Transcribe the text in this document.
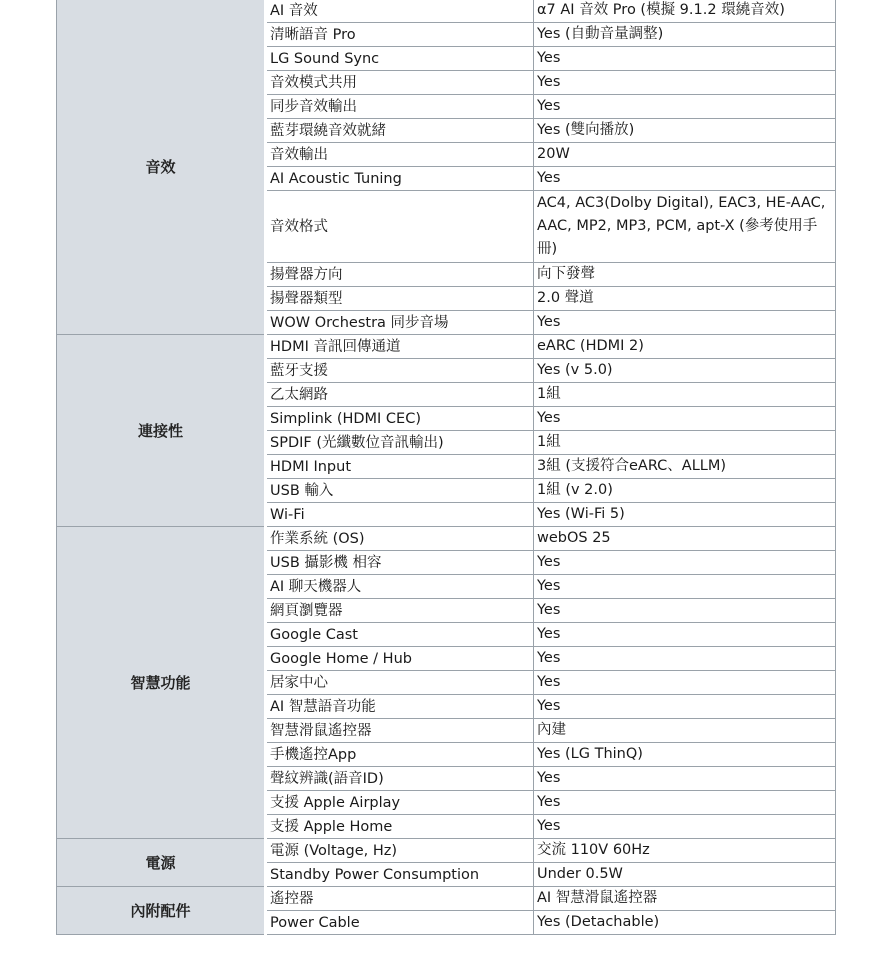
音效	AI 音效	α7 AI 音效 Pro (模擬 9.1.2 環繞音效)
	清晰語音 Pro	Yes (自動音量調整)
	LG Sound Sync	Yes
	音效模式共用	Yes
	同步音效輸出	Yes
	藍芽環繞音效就緒	Yes (雙向播放)
	音效輸出	20W
	AI Acoustic Tuning	Yes
	音效格式	AC4, AC3(Dolby Digital), EAC3, HE-AAC, AAC, MP2, MP3, PCM, apt-X (參考使用手冊)
	揚聲器方向	向下發聲
	揚聲器類型	2.0 聲道
	WOW Orchestra 同步音場	Yes
連接性	HDMI 音訊回傳通道	eARC (HDMI 2)
	藍牙支援	Yes (v 5.0)
	乙太網路	1組
	Simplink (HDMI CEC)	Yes
	SPDIF (光纖數位音訊輸出)	1組
	HDMI Input	3組 (支援符合eARC、ALLM)
	USB 輸入	1組 (v 2.0)
	Wi-Fi	Yes (Wi-Fi 5)
智慧功能	作業系統 (OS)	webOS 25
	USB 攝影機 相容	Yes
	AI 聊天機器人	Yes
	網頁瀏覽器	Yes
	Google Cast	Yes
	Google Home / Hub	Yes
	居家中心	Yes
	AI 智慧語音功能	Yes
	智慧滑鼠遙控器	內建
	手機遙控App	Yes (LG ThinQ)
	聲紋辨識(語音ID)	Yes
	支援 Apple Airplay	Yes
	支援 Apple Home	Yes
電源	電源 (Voltage, Hz)	交流 110V 60Hz
	Standby Power Consumption	Under 0.5W
內附配件	遙控器	AI 智慧滑鼠遙控器
	Power Cable	Yes (Detachable)
